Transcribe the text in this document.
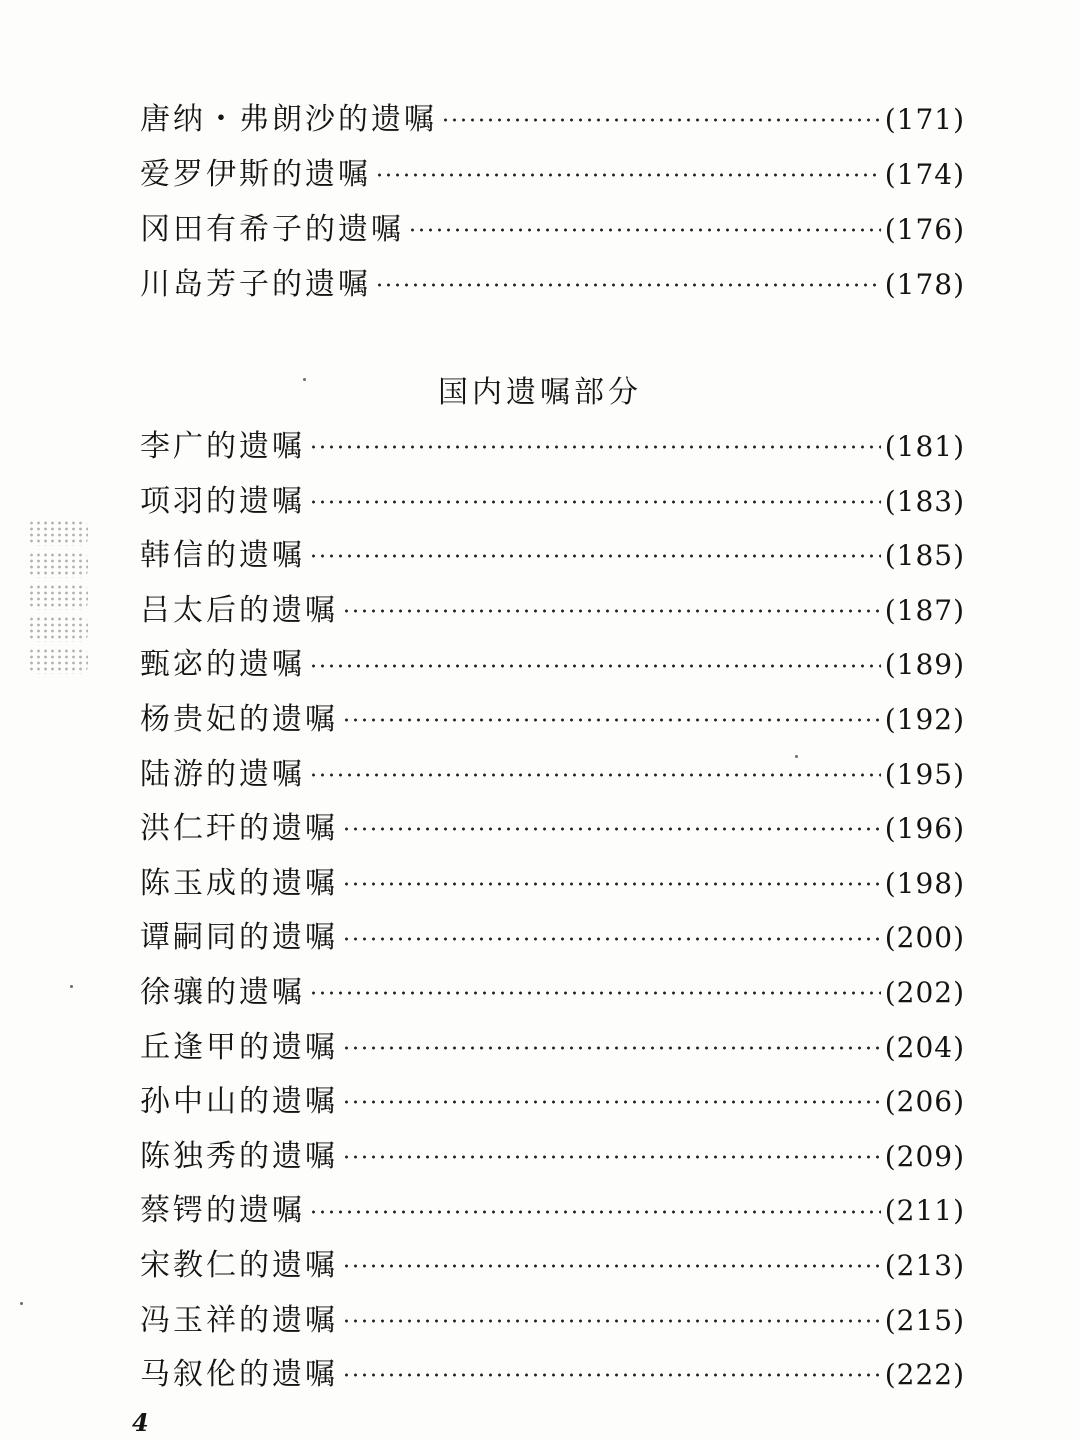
唐纳・弗朗沙的遗嘱	(171)
爱罗伊斯的遗嘱	(174)
冈田有希子的遗嘱	(176)
川岛芳子的遗嘱	(178)
国内遗嘱部分
李广的遗嘱	(181)
项羽的遗嘱	(183)
韩信的遗嘱	(185)
吕太后的遗嘱	(187)
甄宓的遗嘱	(189)
杨贵妃的遗嘱	(192)
陆游的遗嘱	(195)
洪仁玕的遗嘱	(196)
陈玉成的遗嘱	(198)
谭嗣同的遗嘱	(200)
徐骧的遗嘱	(202)
丘逢甲的遗嘱	(204)
孙中山的遗嘱	(206)
陈独秀的遗嘱	(209)
蔡锷的遗嘱	(211)
宋教仁的遗嘱	(213)
冯玉祥的遗嘱	(215)
马叙伦的遗嘱	(222)
4
